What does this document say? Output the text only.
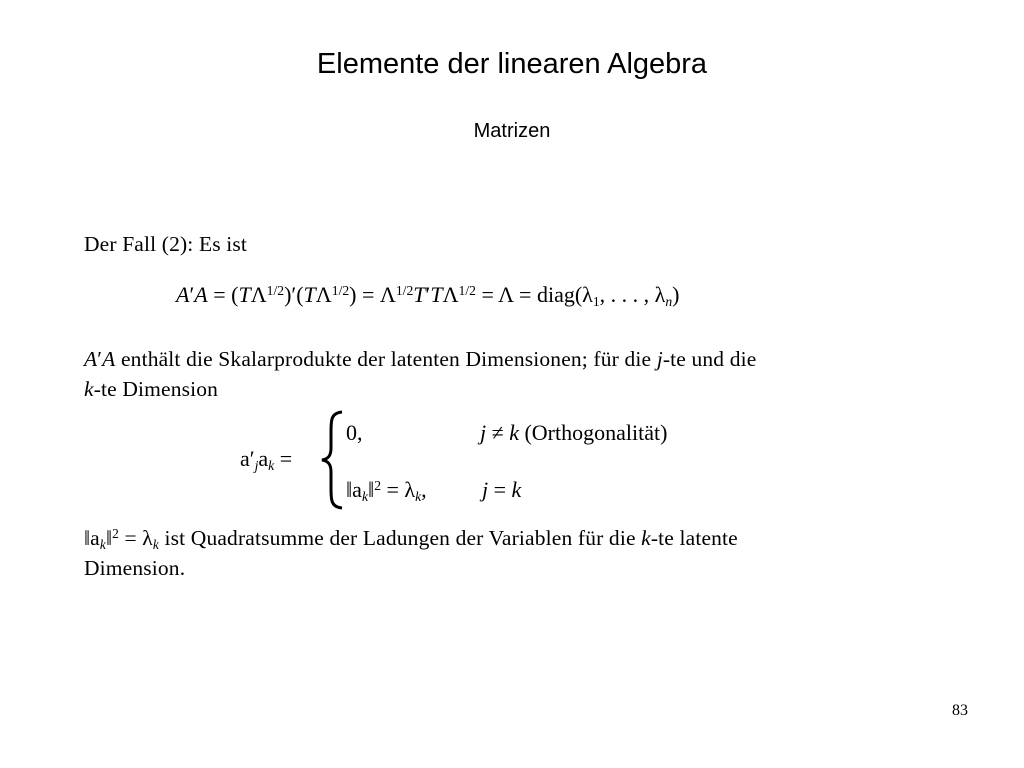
Elemente der linearen Algebra
Matrizen
Der Fall (2): Es ist
$A'A = (T\Lambda^{1/2})'(T\Lambda^{1/2}) = \Lambda^{1/2}T'T\Lambda^{1/2} = \Lambda$ = $diag(\lambda_1$, . . . , $\lambda_n$)
A′A enthält die Skalarprodukte der latenten Dimensionen; für die j-te und die
k-te Dimension
$a'_ja_k$ =
0,	j ≠ k (Orthogonalität)
$‖a_k‖^2 = \lambda_k$,	j = k
$‖a_k‖^2 = \lambda_k$ ist Quadratsumme der Ladungen der Variablen für die k-te latente
Dimension.
83
